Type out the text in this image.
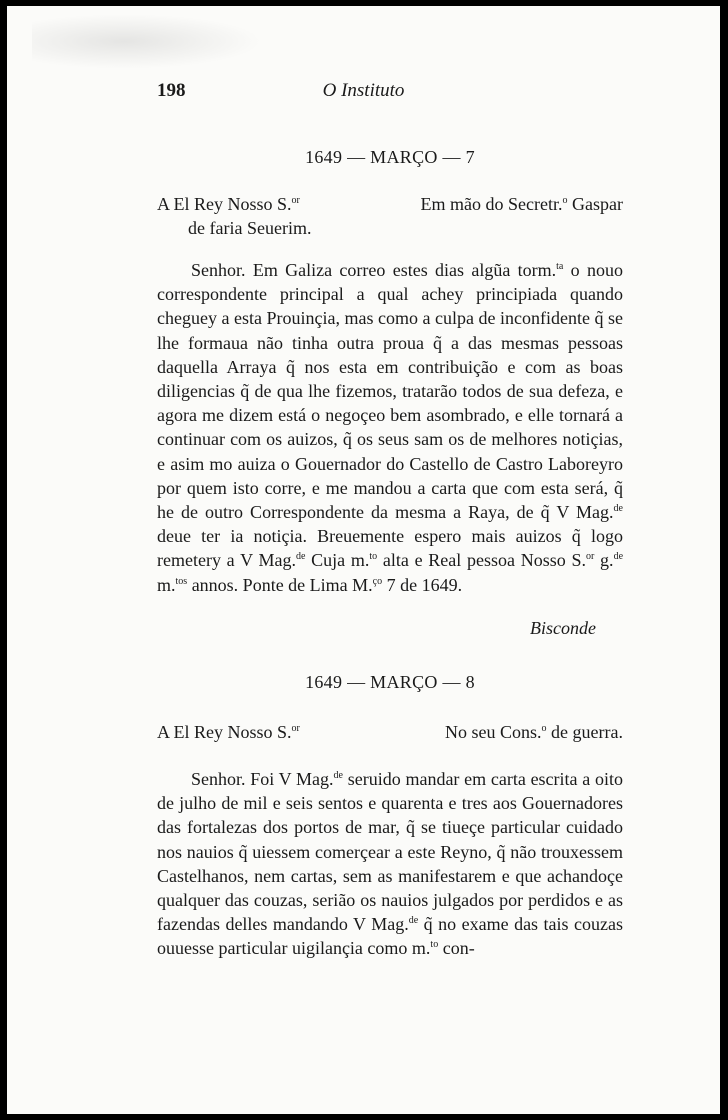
O Instituto
198
1649 — MARÇO — 7
A El Rey Nosso S.$^{or}$	Em mão do Secretr.$^o$ Gaspar
de faria Seuerim.

Senhor. Em Galiza correo estes dias algũa torm.$^{ta}$ o nouo correspondente principal a qual achey principiada quando cheguey a esta Prouinçia, mas como a culpa de inconfidente q̃ se lhe formaua não tinha outra proua q̃ a das mesmas pessoas daquella Arraya q̃ nos esta em contribuição e com as boas diligencias q̃ de qua lhe fizemos, tratarão todos de sua defeza, e agora me dizem está o negoçeo bem asombrado, e elle tornará a continuar com os auizos, q̃ os seus sam os de melhores notiçias, e asim mo auiza o Gouernador do Castello de Castro Laboreyro por quem isto corre, e me mandou a carta que com esta será, q̃ he de outro Correspondente da mesma a Raya, de q̃ V Mag.$^{de}$ deue ter ia notiçia. Breuemente espero mais auizos q̃ logo remetery a V Mag.$^{de}$ Cuja m.$^{to}$ alta e Real pessoa Nosso S.$^{or}$ g.$^{de}$ m.$^{tos}$ annos. Ponte de Lima M.$^{ço}$ 7 de 1649.

Bisconde
1649 — MARÇO — 8
A El Rey Nosso S.$^{or}$	No seu Cons.$^o$ de guerra.

Senhor. Foi V Mag.$^{de}$ seruido mandar em carta escrita a oito de julho de mil e seis sentos e quarenta e tres aos Gouernadores das fortalezas dos portos de mar, q̃ se tiueçe particular cuidado nos nauios q̃ uiessem comerçear a este Reyno, q̃ não trouxessem Castelhanos, nem cartas, sem as manifestarem e que achandoçe qualquer das couzas, serião os nauios julgados por perdidos e as fazendas delles mandando V Mag.$^{de}$ q̃ no exame das tais couzas ouuesse particular uigilançia como m.$^{to}$ con-
